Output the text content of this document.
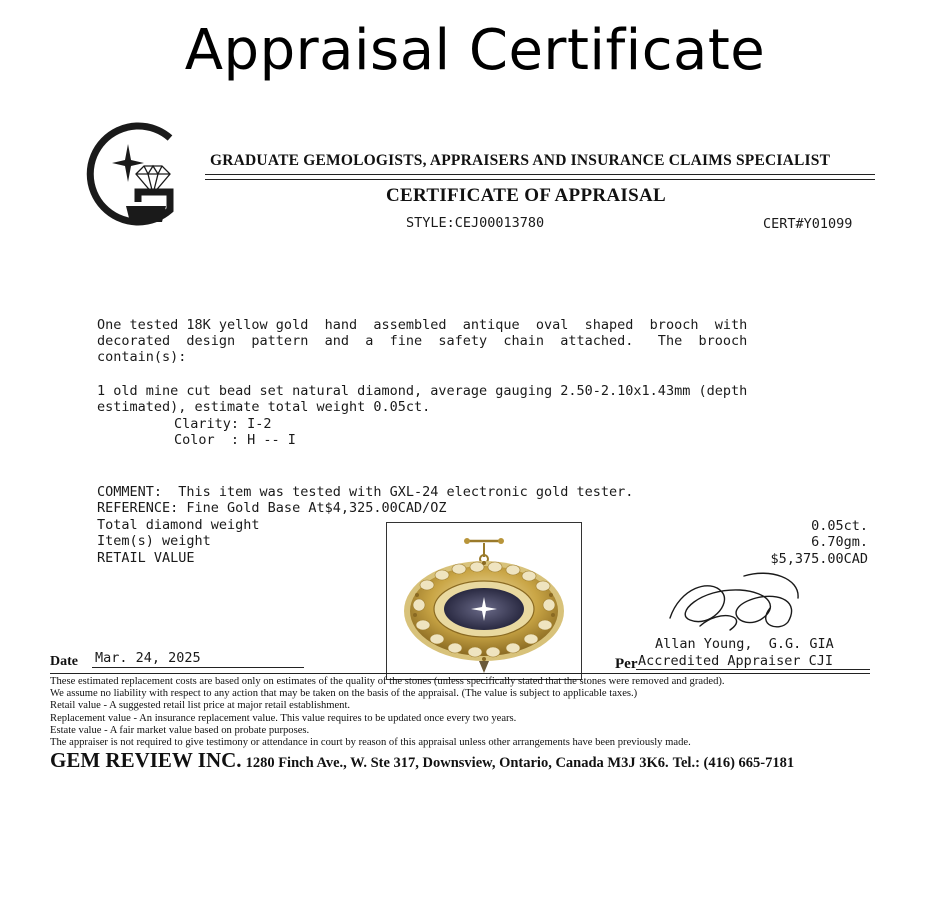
Appraisal Certificate
GRADUATE GEMOLOGISTS, APPRAISERS AND INSURANCE CLAIMS SPECIALIST
CERTIFICATE OF APPRAISAL
STYLE:CEJ00013780	CERT#Y01099
One tested 18K yellow gold  hand  assembled  antique  oval  shaped  brooch  with
decorated  design  pattern  and  a  fine  safety  chain  attached.   The  brooch
contain(s):
1 old mine cut bead set natural diamond, average gauging 2.50-2.10x1.43mm (depth
estimated), estimate total weight 0.05ct.
Clarity: I-2
Color  : H -- I
COMMENT:  This item was tested with GXL-24 electronic gold tester.
REFERENCE: Fine Gold Base At$4,325.00CAD/OZ
Total diamond weight	0.05ct.
Item(s) weight	6.70gm.
RETAIL VALUE	$5,375.00CAD
Date Mar. 24, 2025
Allan Young,  G.G. GIA
Per Accredited Appraiser CJI
These estimated replacement costs are based only on estimates of the quality of the stones (unless specifically stated that the stones were removed and graded).
We assume no liability with respect to any action that may be taken on the basis of the appraisal. (The value is subject to applicable taxes.)
Retail value - A suggested retail list price at major retail establishment.
Replacement value - An insurance replacement value. This value requires to be updated once every two years.
Estate value - A fair market value based on probate purposes.
The appraiser is not required to give testimony or attendance in court by reason of this appraisal unless other arrangements have been previously made.
GEM REVIEW INC. 1280 Finch Ave., W. Ste 317, Downsview, Ontario, Canada M3J 3K6. Tel.: (416) 665-7181
